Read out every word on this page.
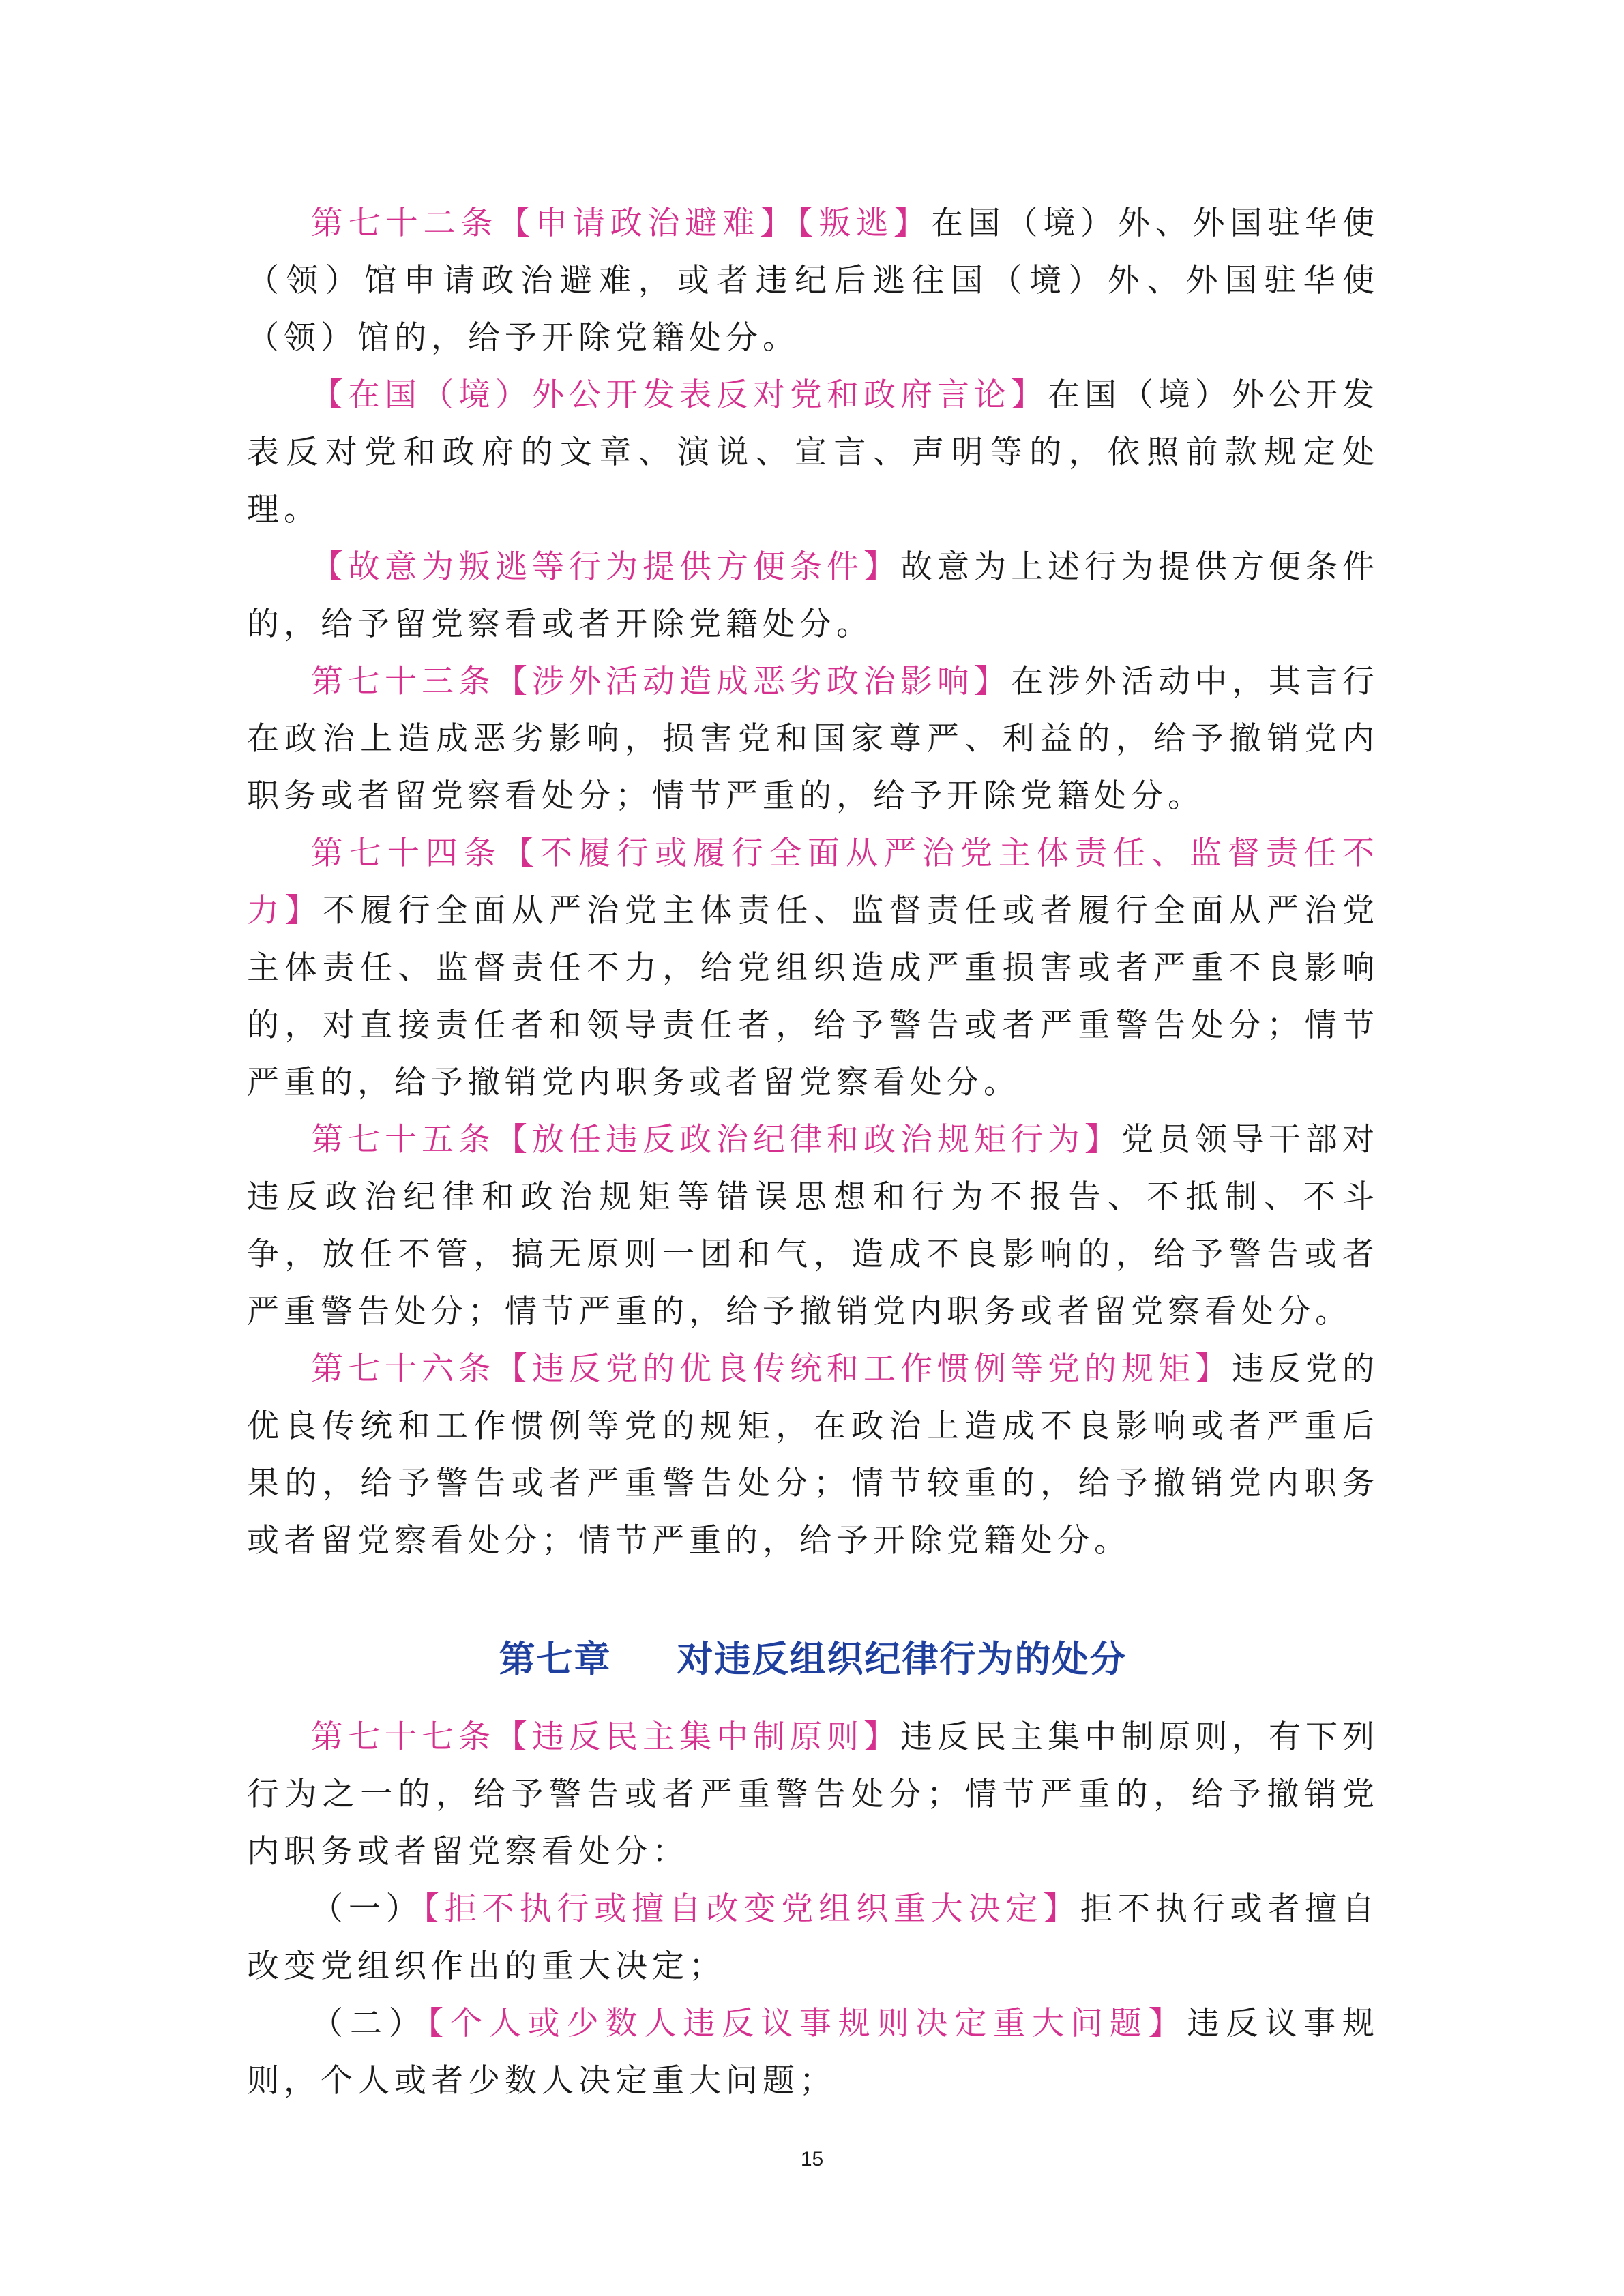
第七十二条【申请政治避难】【叛逃】在国（境）外、外国驻华使（领）馆申请政治避难，或者违纪后逃往国（境）外、外国驻华使（领）馆的，给予开除党籍处分。

【在国（境）外公开发表反对党和政府言论】在国（境）外公开发表反对党和政府的文章、演说、宣言、声明等的，依照前款规定处理。

【故意为叛逃等行为提供方便条件】故意为上述行为提供方便条件的，给予留党察看或者开除党籍处分。

第七十三条【涉外活动造成恶劣政治影响】在涉外活动中，其言行在政治上造成恶劣影响，损害党和国家尊严、利益的，给予撤销党内职务或者留党察看处分；情节严重的，给予开除党籍处分。

第七十四条【不履行或履行全面从严治党主体责任、监督责任不力】不履行全面从严治党主体责任、监督责任或者履行全面从严治党主体责任、监督责任不力，给党组织造成严重损害或者严重不良影响的，对直接责任者和领导责任者，给予警告或者严重警告处分；情节严重的，给予撤销党内职务或者留党察看处分。

第七十五条【放任违反政治纪律和政治规矩行为】党员领导干部对违反政治纪律和政治规矩等错误思想和行为不报告、不抵制、不斗争，放任不管，搞无原则一团和气，造成不良影响的，给予警告或者严重警告处分；情节严重的，给予撤销党内职务或者留党察看处分。

第七十六条【违反党的优良传统和工作惯例等党的规矩】违反党的优良传统和工作惯例等党的规矩，在政治上造成不良影响或者严重后果的，给予警告或者严重警告处分；情节较重的，给予撤销党内职务或者留党察看处分；情节严重的，给予开除党籍处分。

第七章 对违反组织纪律行为的处分

第七十七条【违反民主集中制原则】违反民主集中制原则，有下列行为之一的，给予警告或者严重警告处分；情节严重的，给予撤销党内职务或者留党察看处分：

（一）【拒不执行或擅自改变党组织重大决定】拒不执行或者擅自改变党组织作出的重大决定；

（二）【个人或少数人违反议事规则决定重大问题】违反议事规则，个人或者少数人决定重大问题；

15
